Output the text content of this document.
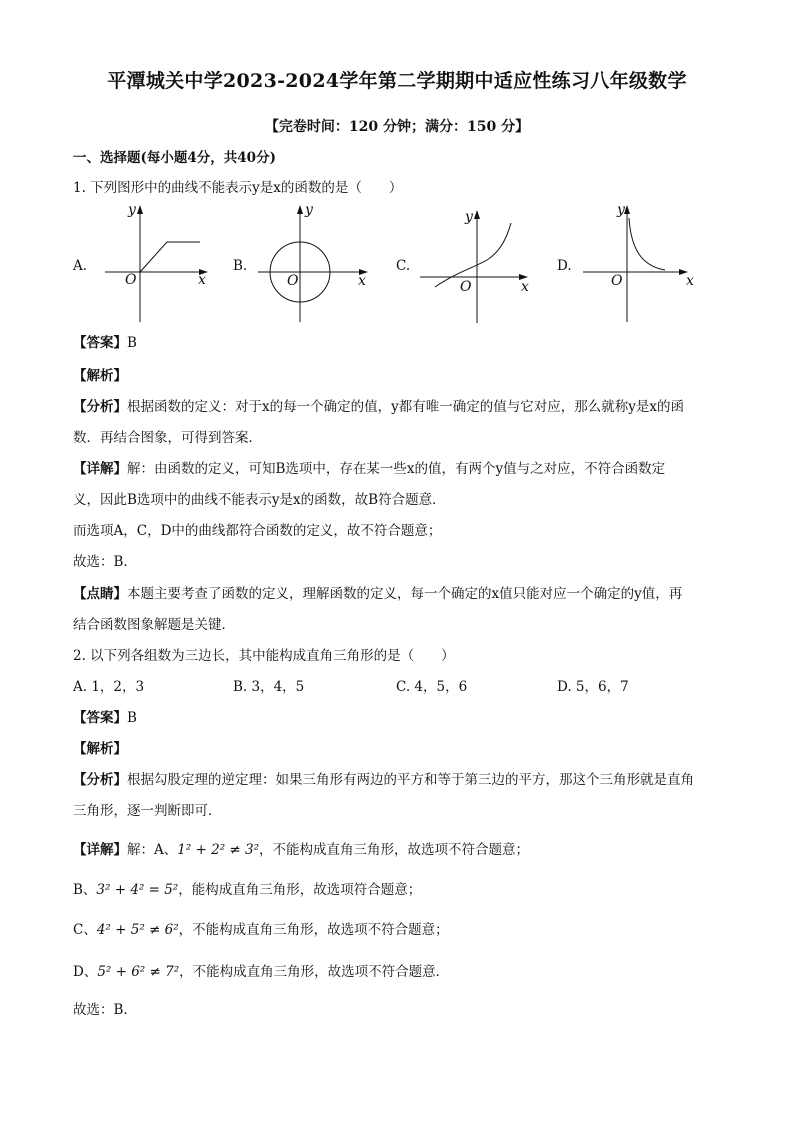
平潭城关中学2023-2024学年第二学期期中适应性练习八年级数学
【完卷时间：120 分钟；满分：150 分】
一、选择题(每小题4分，共40分)
1. 下列图形中的曲线不能表示y是x的函数的是（　　）
A.
O	x
y
B.
O	x
y
C.
O	x
y
D.
O	x
y
【答案】B
【解析】
【分析】根据函数的定义：对于x的每一个确定的值，y都有唯一确定的值与它对应，那么就称y是x的函
数．再结合图象，可得到答案．
【详解】解：由函数的定义，可知B选项中，存在某一些x的值，有两个y值与之对应，不符合函数定
义，因此B选项中的曲线不能表示y是x的函数，故B符合题意．
而选项A，C，D中的曲线都符合函数的定义，故不符合题意；
故选：B．
【点睛】本题主要考查了函数的定义，理解函数的定义，每一个确定的x值只能对应一个确定的y值，再
结合函数图象解题是关键．
2. 以下列各组数为三边长，其中能构成直角三角形的是（　　）
A. 1，2，3	B. 3，4，5	C. 4，5，6	D. 5，6，7
【答案】B
【解析】
【分析】根据勾股定理的逆定理：如果三角形有两边的平方和等于第三边的平方，那这个三角形就是直角
三角形，逐一判断即可．
【详解】解：A、1² + 2² ≠ 3²，不能构成直角三角形，故选项不符合题意；
B、3² + 4² = 5²，能构成直角三角形，故选项符合题意；
C、4² + 5² ≠ 6²，不能构成直角三角形，故选项不符合题意；
D、5² + 6² ≠ 7²，不能构成直角三角形，故选项不符合题意．
故选：B．
